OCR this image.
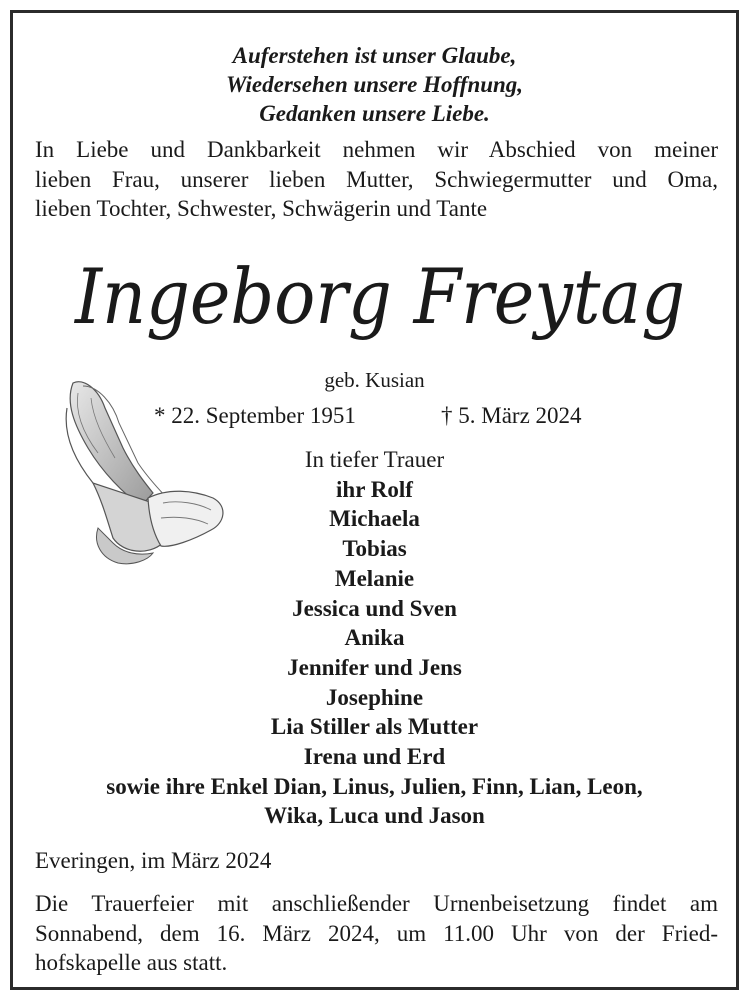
Auferstehen ist unser Glaube,
Wiedersehen unsere Hoffnung,
Gedanken unsere Liebe.
In Liebe und Dankbarkeit nehmen wir Abschied von meiner
lieben Frau, unserer lieben Mutter, Schwiegermutter und Oma,
lieben Tochter, Schwester, Schwägerin und Tante
Ingeborg Freytag
geb. Kusian
* 22. September 1951	† 5. März 2024
In tiefer Trauer
ihr Rolf
Michaela
Tobias
Melanie
Jessica und Sven
Anika
Jennifer und Jens
Josephine
Lia Stiller als Mutter
Irena und Erd
sowie ihre Enkel Dian, Linus, Julien, Finn, Lian, Leon,
Wika, Luca und Jason
Everingen, im März 2024
Die Trauerfeier mit anschließender Urnenbeisetzung findet am
Sonnabend, dem 16. März 2024, um 11.00 Uhr von der Fried-
hofskapelle aus statt.
